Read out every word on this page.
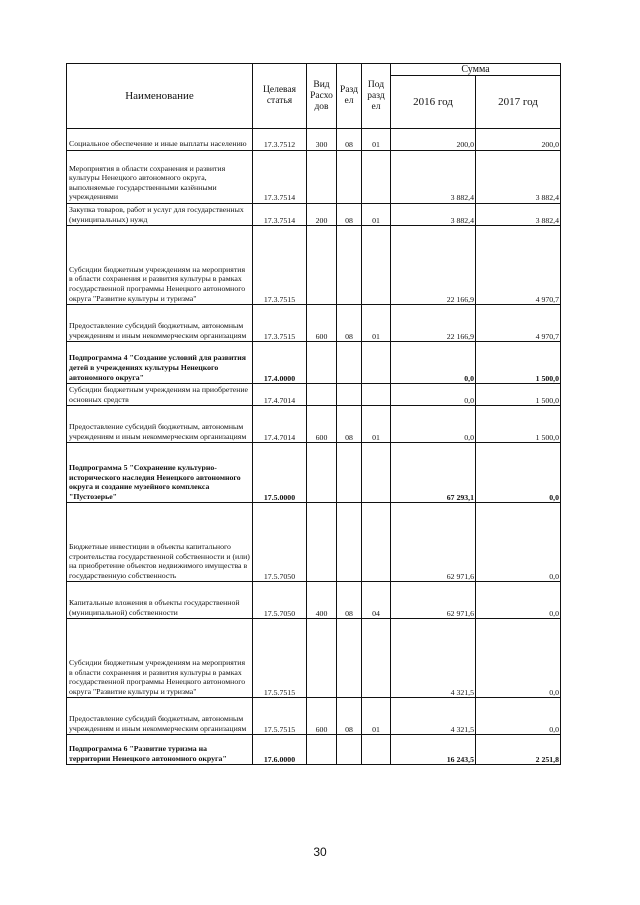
Наименование	Целевая статья	Вид Расхо дов	Разд ел	Под разд ел	Сумма	
					2016 год	2017 год
Социальное обеспечение и иные выплаты населению	17.3.7512	300	08	01	200,0	200,0
Мероприятия в области сохранения и развития культуры Ненецкого автономного округа, выполняемые государственными казёнными учреждениями	17.3.7514				3 882,4	3 882,4
Закупка товаров, работ и услуг для государственных (муниципальных) нужд	17.3.7514	200	08	01	3 882,4	3 882,4
Субсидии бюджетным учреждениям на мероприятия в области сохранения и развития культуры в рамках государственной программы Ненецкого автономного округа "Развитие культуры и туризма"	17.3.7515				22 166,9	4 970,7
Предоставление субсидий бюджетным, автономным учреждениям и иным некоммерческим организациям	17.3.7515	600	08	01	22 166,9	4 970,7
Подпрограмма 4 "Создание условий для развития детей в учреждениях культуры Ненецкого автономного округа"	17.4.0000				0,0	1 500,0
Субсидии бюджетным учреждениям на приобретение основных средств	17.4.7014				0,0	1 500,0
Предоставление субсидий бюджетным, автономным учреждениям и иным некоммерческим организациям	17.4.7014	600	08	01	0,0	1 500,0
Подпрограмма 5 "Сохранение культурно-исторического наследия Ненецкого автономного округа и создание музейного комплекса "Пустозерье"	17.5.0000				67 293,1	0,0
Бюджетные инвестиции в объекты капитального строительства государственной собственности и (или) на приобретение объектов недвижимого имущества в государственную собственность	17.5.7050				62 971,6	0,0
Капитальные вложения в объекты государственной (муниципальной) собственности	17.5.7050	400	08	04	62 971,6	0,0
Субсидии бюджетным учреждениям на мероприятия в области сохранения и развития культуры в рамках государственной программы Ненецкого автономного округа "Развитие культуры и туризма"	17.5.7515				4 321,5	0,0
Предоставление субсидий бюджетным, автономным учреждениям и иным некоммерческим организациям	17.5.7515	600	08	01	4 321,5	0,0
Подпрограмма 6 "Развитие туризма на территории Ненецкого автономного округа"	17.6.0000				16 243,5	2 251,8
30
